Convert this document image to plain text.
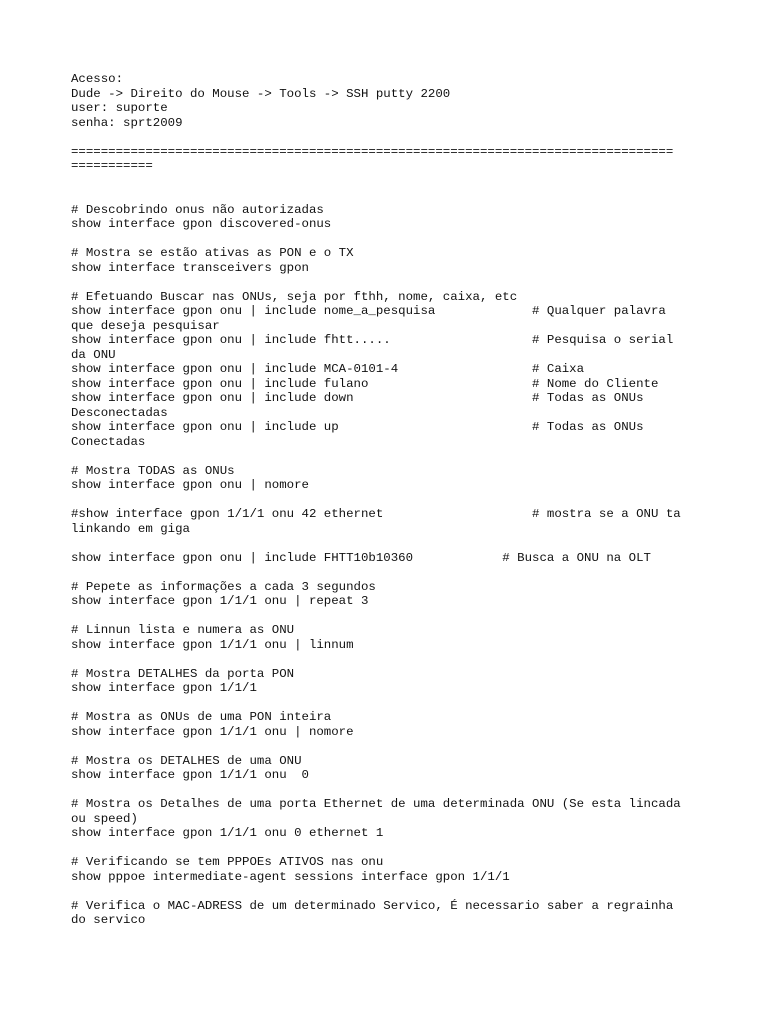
Acesso:
Dude -> Direito do Mouse -> Tools -> SSH putty 2200
user: suporte
senha: sprt2009
=================================================================================
===========
# Descobrindo onus não autorizadas
show interface gpon discovered-onus
# Mostra se estão ativas as PON e o TX
show interface transceivers gpon
# Efetuando Buscar nas ONUs, seja por fthh, nome, caixa, etc
show interface gpon onu | include nome_a_pesquisa             # Qualquer palavra
que deseja pesquisar
show interface gpon onu | include fhtt.....                   # Pesquisa o serial
da ONU
show interface gpon onu | include MCA-0101-4                  # Caixa
show interface gpon onu | include fulano                      # Nome do Cliente
show interface gpon onu | include down                        # Todas as ONUs
Desconectadas
show interface gpon onu | include up                          # Todas as ONUs
Conectadas
# Mostra TODAS as ONUs
show interface gpon onu | nomore
#show interface gpon 1/1/1 onu 42 ethernet                    # mostra se a ONU ta
linkando em giga
show interface gpon onu | include FHTT10b10360            # Busca a ONU na OLT
# Pepete as informações a cada 3 segundos
show interface gpon 1/1/1 onu | repeat 3
# Linnun lista e numera as ONU
show interface gpon 1/1/1 onu | linnum
# Mostra DETALHES da porta PON
show interface gpon 1/1/1
# Mostra as ONUs de uma PON inteira
show interface gpon 1/1/1 onu | nomore
# Mostra os DETALHES de uma ONU
show interface gpon 1/1/1 onu  0
# Mostra os Detalhes de uma porta Ethernet de uma determinada ONU (Se esta lincada
ou speed)
show interface gpon 1/1/1 onu 0 ethernet 1
# Verificando se tem PPPOEs ATIVOS nas onu
show pppoe intermediate-agent sessions interface gpon 1/1/1
# Verifica o MAC-ADRESS de um determinado Servico, É necessario saber a regrainha
do servico
